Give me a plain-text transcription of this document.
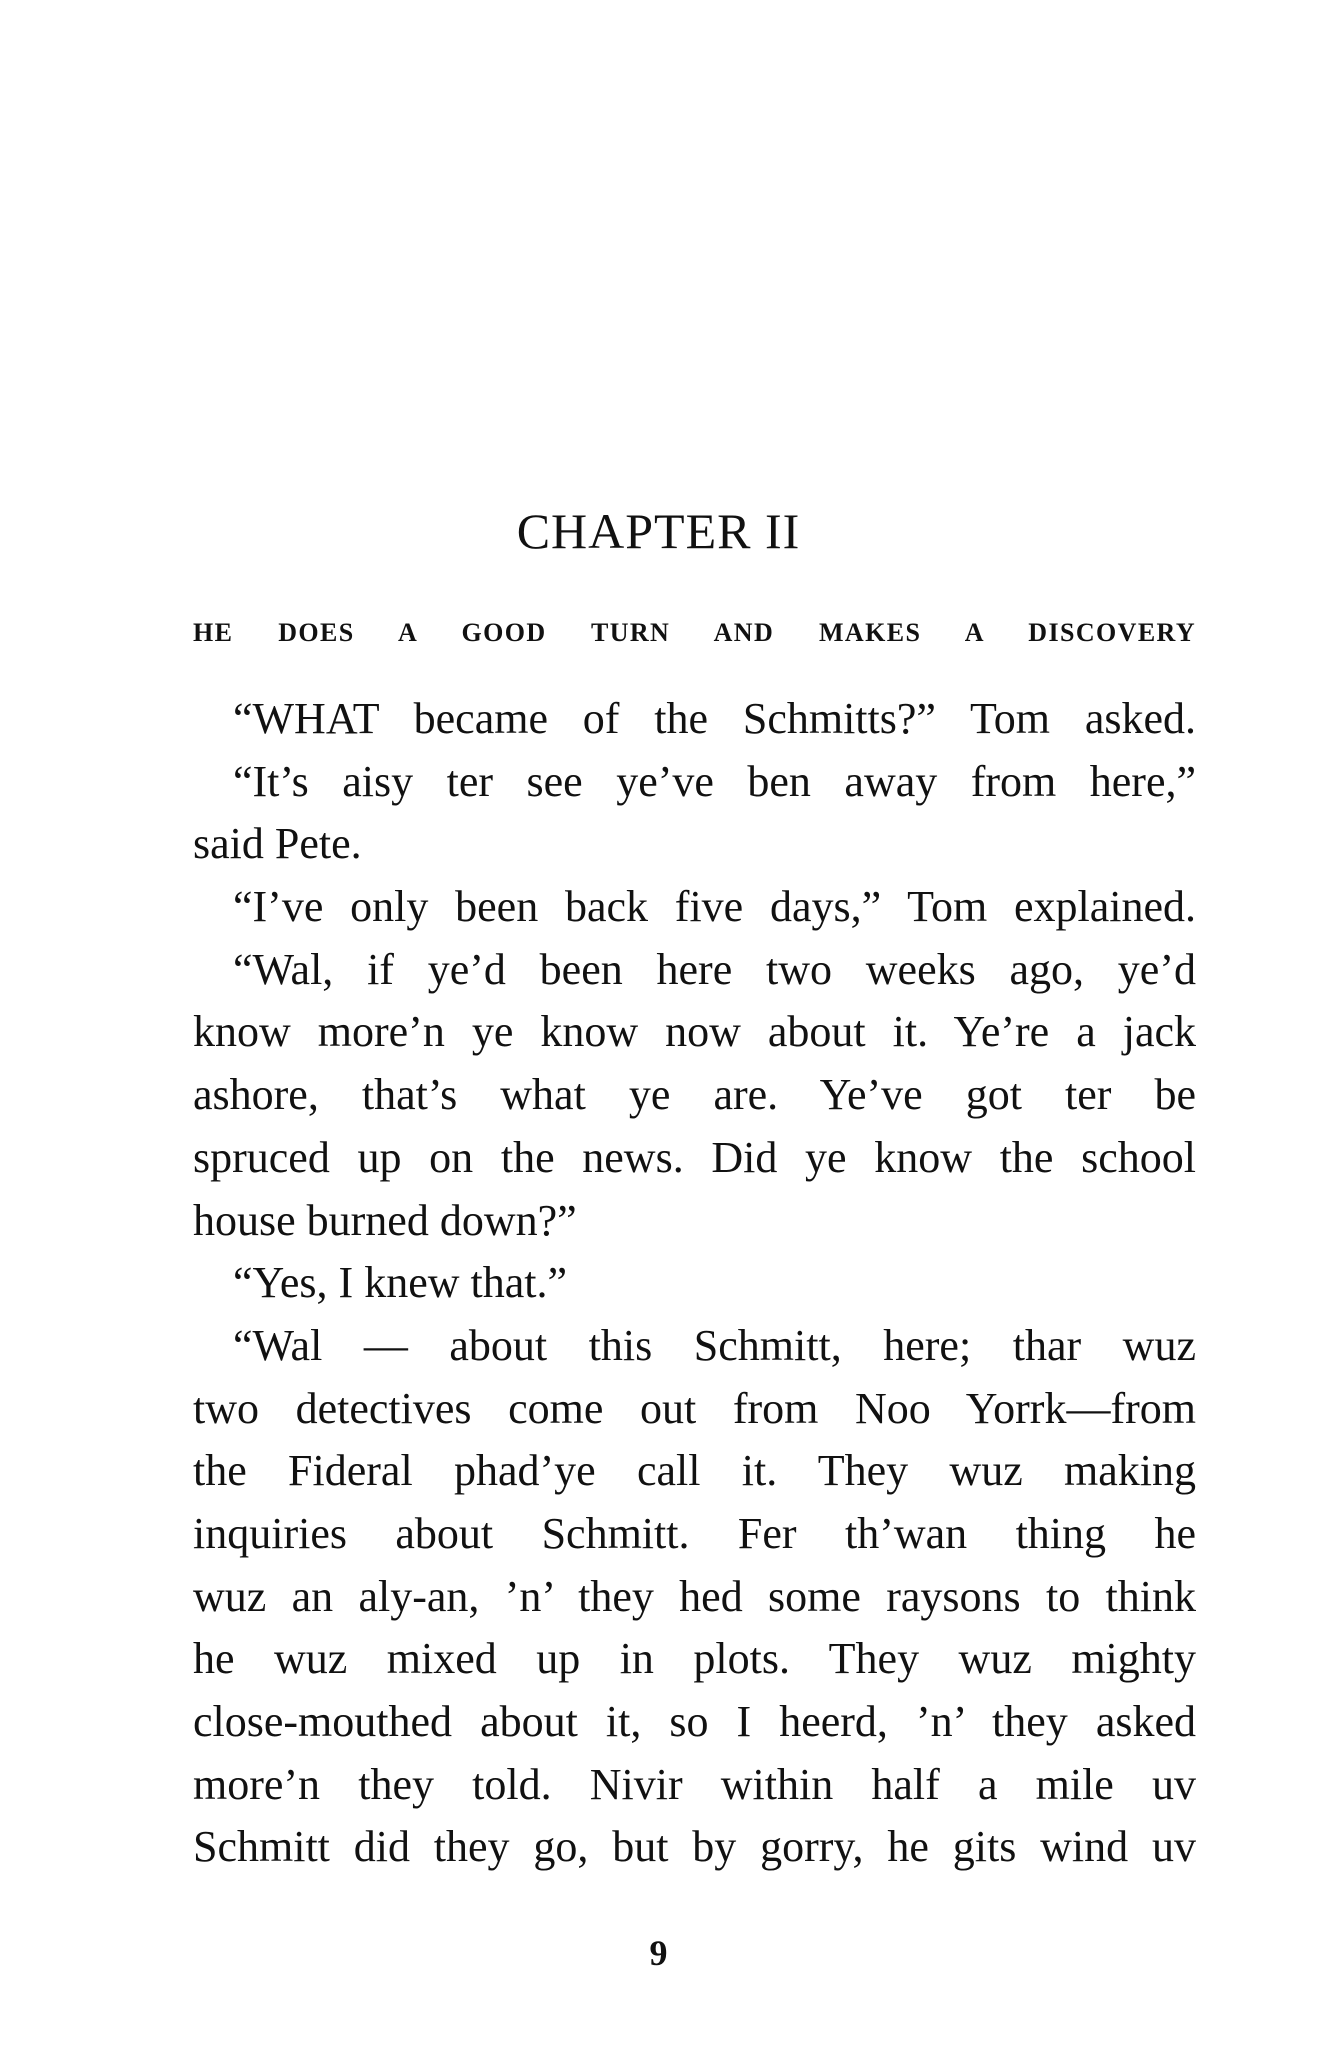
CHAPTER II

HE DOES A GOOD TURN AND MAKES A DISCOVERY

“WHAT became of the Schmitts?” Tom asked.
“It’s aisy ter see ye’ve ben away from here,”
said Pete.
“I’ve only been back five days,” Tom explained.
“Wal, if ye’d been here two weeks ago, ye’d
know more’n ye know now about it. Ye’re a jack
ashore, that’s what ye are. Ye’ve got ter be
spruced up on the news. Did ye know the school
house burned down?”
“Yes, I knew that.”
“Wal — about this Schmitt, here; thar wuz
two detectives come out from Noo Yorrk—from
the Fideral phad’ye call it. They wuz making
inquiries about Schmitt. Fer th’wan thing he
wuz an aly-an, ’n’ they hed some raysons to think
he wuz mixed up in plots. They wuz mighty
close-mouthed about it, so I heerd, ’n’ they asked
more’n they told. Nivir within half a mile uv
Schmitt did they go, but by gorry, he gits wind uv
9
